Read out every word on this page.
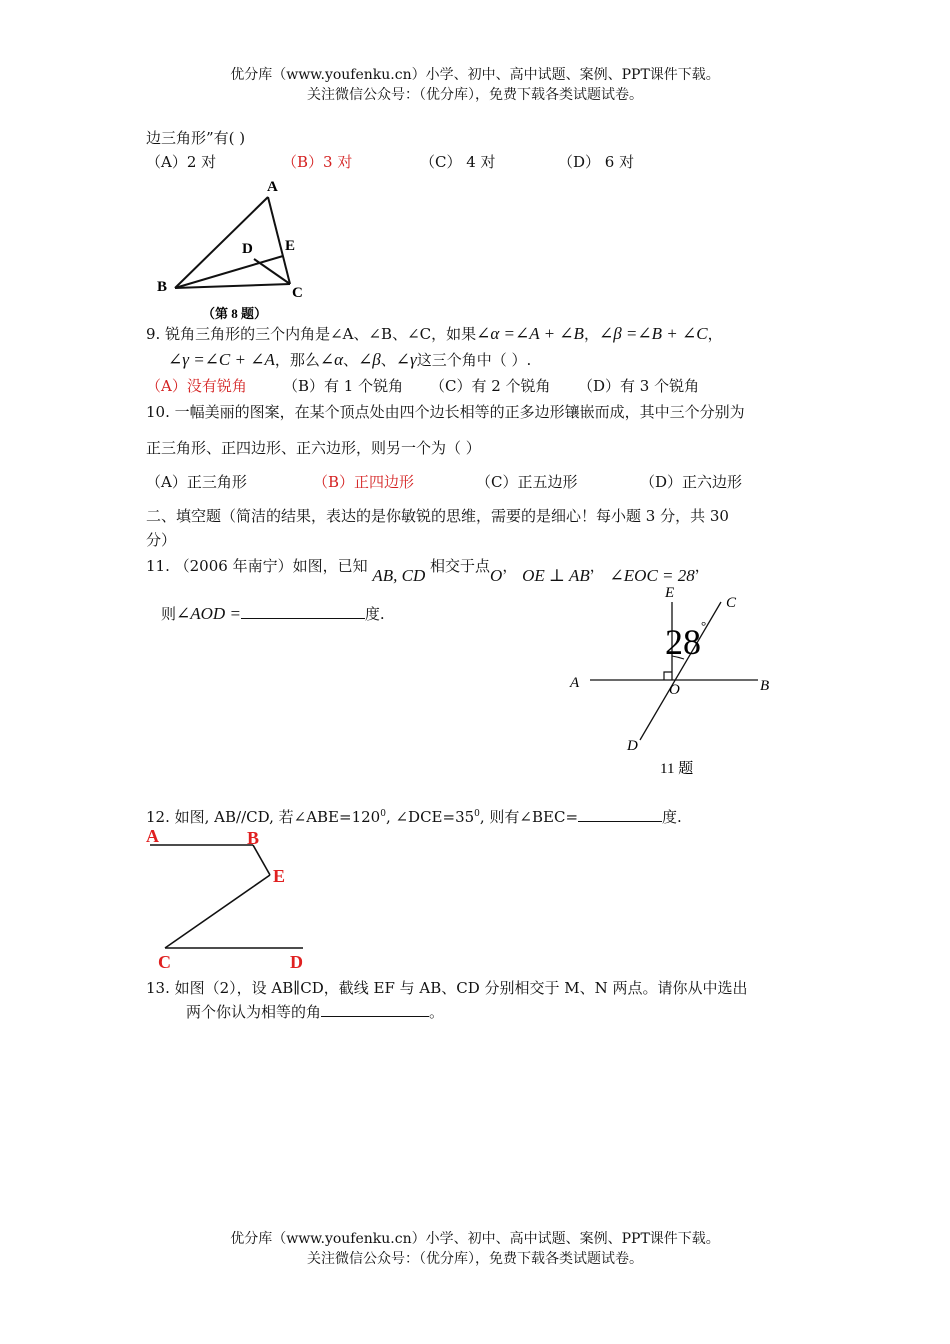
优分库（www.youfenku.cn）小学、初中、高中试题、案例、PPT课件下载。
关注微信公众号：（优分库），免费下载各类试题试卷。
边三角形”有( )
（A）2 对	（B）3 对	（C） 4 对	（D） 6 对
A
D E
B	C
（第 8 题）
9. 锐角三角形的三个内角是∠A、∠B、∠C，如果∠α =∠A + ∠B，∠β =∠B + ∠C，
∠γ =∠C + ∠A，那么∠α、∠β、∠γ这三个角中（ ）.
（A）没有锐角 （B）有 1 个锐角 （C）有 2 个锐角 （D）有 3 个锐角
10. 一幅美丽的图案，在某个顶点处由四个边长相等的正多边形镶嵌而成，其中三个分别为
正三角形、正四边形、正六边形，则另一个为（ ）
（A）正三角形	（B）正四边形	（C）正五边形	（D）正六边形
二、填空题（简洁的结果，表达的是你敏锐的思维，需要的是细心！每小题 3 分，共 30
分）
11. （2006 年南宁）如图，已知 AB, CD 相交于点O， OE ⊥ AB， ∠EOC = 28，
则∠AOD =	度.
E
C
A	O	B
D
28 °
11 题
12. 如图, AB//CD, 若$\angle ABE=120^0$, $\angle DCE=35^0$, 则有∠BEC=	度.
A	B
E
C	D
13. 如图（2），设 AB∥CD，截线 EF 与 AB、CD 分别相交于 M、N 两点。请你从中选出
两个你认为相等的角	。
优分库（www.youfenku.cn）小学、初中、高中试题、案例、PPT课件下载。
关注微信公众号：（优分库），免费下载各类试题试卷。
